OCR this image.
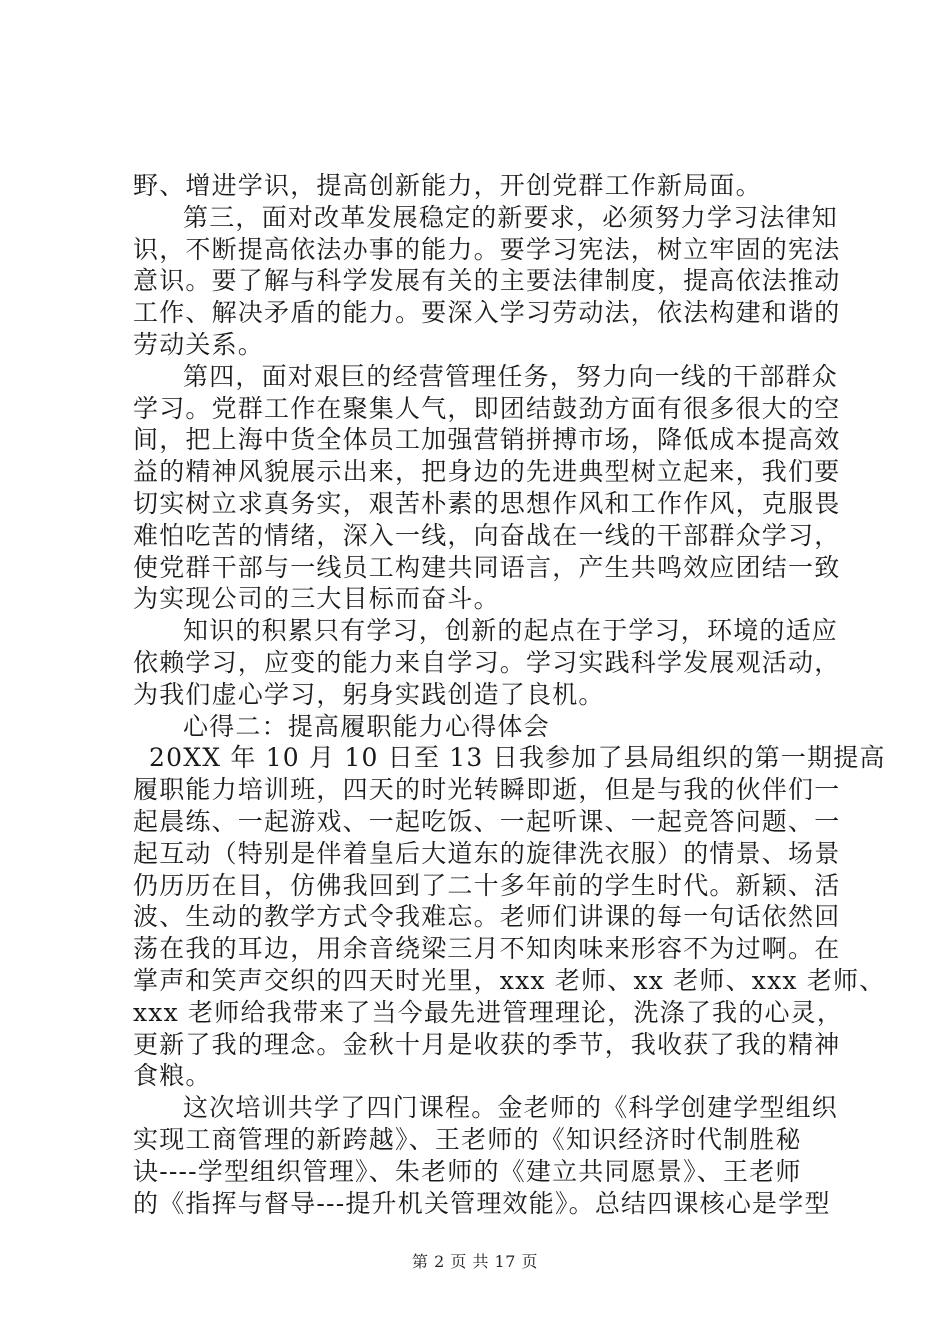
野、增进学识，提高创新能力，开创党群工作新局面。
第三，面对改革发展稳定的新要求，必须努力学习法律知
识，不断提高依法办事的能力。要学习宪法，树立牢固的宪法
意识。要了解与科学发展有关的主要法律制度，提高依法推动
工作、解决矛盾的能力。要深入学习劳动法，依法构建和谐的
劳动关系。
第四，面对艰巨的经营管理任务，努力向一线的干部群众
学习。党群工作在聚集人气，即团结鼓劲方面有很多很大的空
间，把上海中货全体员工加强营销拼搏市场，降低成本提高效
益的精神风貌展示出来，把身边的先进典型树立起来，我们要
切实树立求真务实，艰苦朴素的思想作风和工作作风，克服畏
难怕吃苦的情绪，深入一线，向奋战在一线的干部群众学习，
使党群干部与一线员工构建共同语言，产生共鸣效应团结一致
为实现公司的三大目标而奋斗。
知识的积累只有学习，创新的起点在于学习，环境的适应
依赖学习，应变的能力来自学习。学习实践科学发展观活动，
为我们虚心学习，躬身实践创造了良机。
心得二：提高履职能力心得体会
20XX 年 10 月 10 日至 13 日我参加了县局组织的第一期提高
履职能力培训班，四天的时光转瞬即逝，但是与我的伙伴们一
起晨练、一起游戏、一起吃饭、一起听课、一起竞答问题、一
起互动（特别是伴着皇后大道东的旋律洗衣服）的情景、场景
仍历历在目，仿佛我回到了二十多年前的学生时代。新颖、活
波、生动的教学方式令我难忘。老师们讲课的每一句话依然回
荡在我的耳边，用余音绕梁三月不知肉味来形容不为过啊。在
掌声和笑声交织的四天时光里，xxx 老师、xx 老师、xxx 老师、
xxx 老师给我带来了当今最先进管理理论，洗涤了我的心灵，
更新了我的理念。金秋十月是收获的季节，我收获了我的精神
食粮。
这次培训共学了四门课程。金老师的《科学创建学型组织
实现工商管理的新跨越》、王老师的《知识经济时代制胜秘
诀----学型组织管理》、朱老师的《建立共同愿景》、王老师
的《指挥与督导---提升机关管理效能》。总结四课核心是学型
第 2 页 共 17 页
